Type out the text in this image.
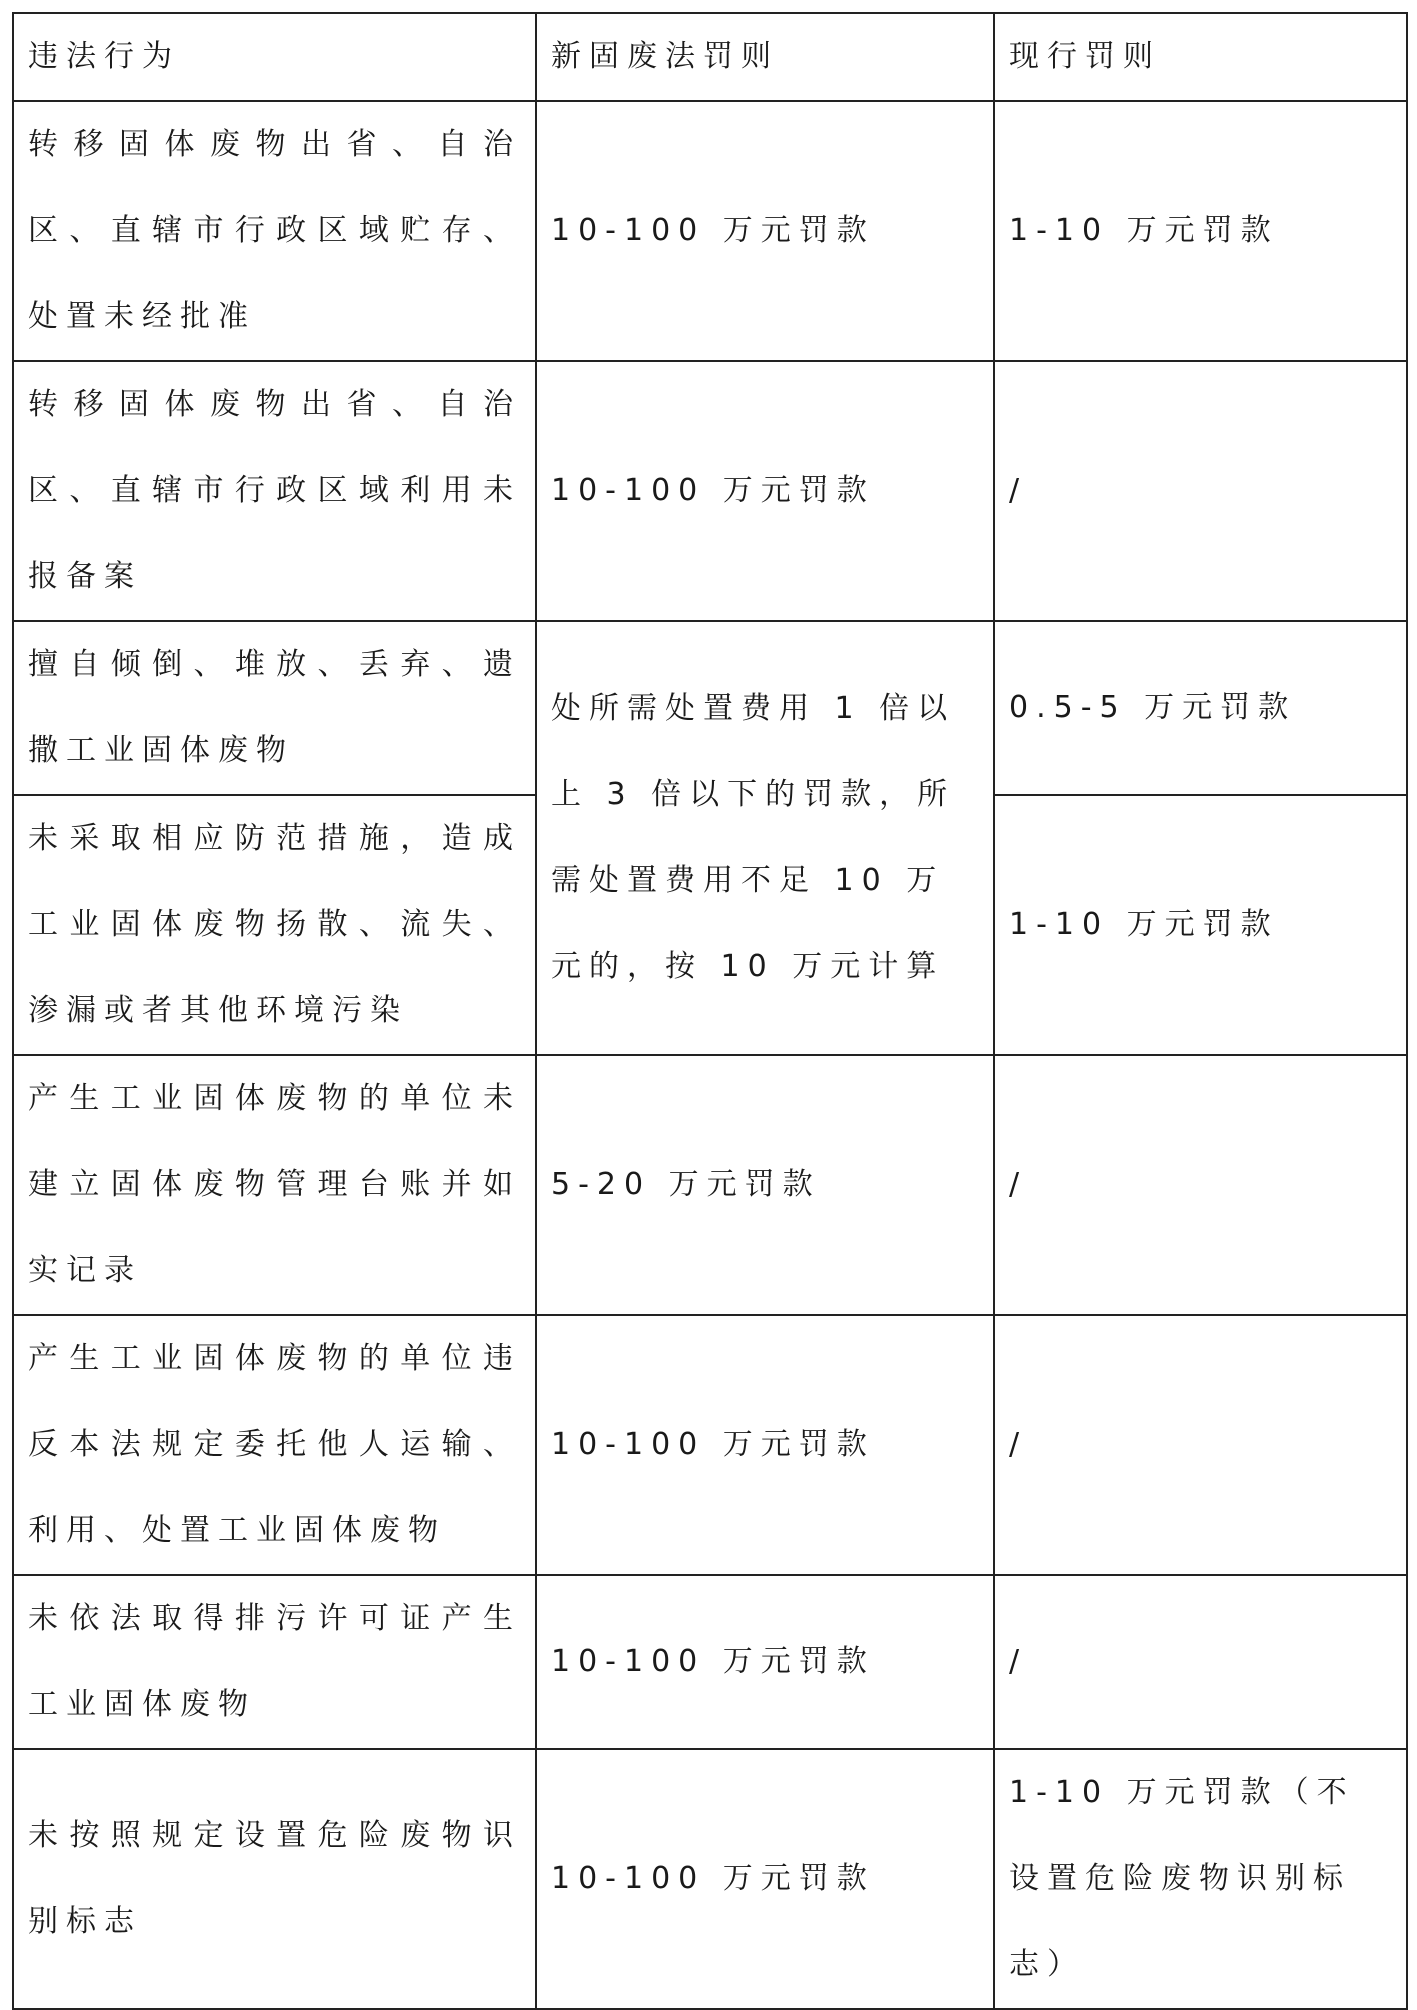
违法行为	新固废法罚则	现行罚则
转移固体废物出省、自治区、直辖市行政区域贮存、处置未经批准	10-100 万元罚款	1-10 万元罚款
转移固体废物出省、自治区、直辖市行政区域利用未报备案	10-100 万元罚款	/
擅自倾倒、堆放、丢弃、遗撒工业固体废物	处所需处置费用 1 倍以上 3 倍以下的罚款，所需处置费用不足 10 万元的，按 10 万元计算	0.5-5 万元罚款
未采取相应防范措施，造成工业固体废物扬散、流失、渗漏或者其他环境污染		1-10 万元罚款
产生工业固体废物的单位未建立固体废物管理台账并如实记录	5-20 万元罚款	/
产生工业固体废物的单位违反本法规定委托他人运输、利用、处置工业固体废物	10-100 万元罚款	/
未依法取得排污许可证产生工业固体废物	10-100 万元罚款	/
未按照规定设置危险废物识别标志	10-100 万元罚款	1-10 万元罚款（不设置危险废物识别标志）
